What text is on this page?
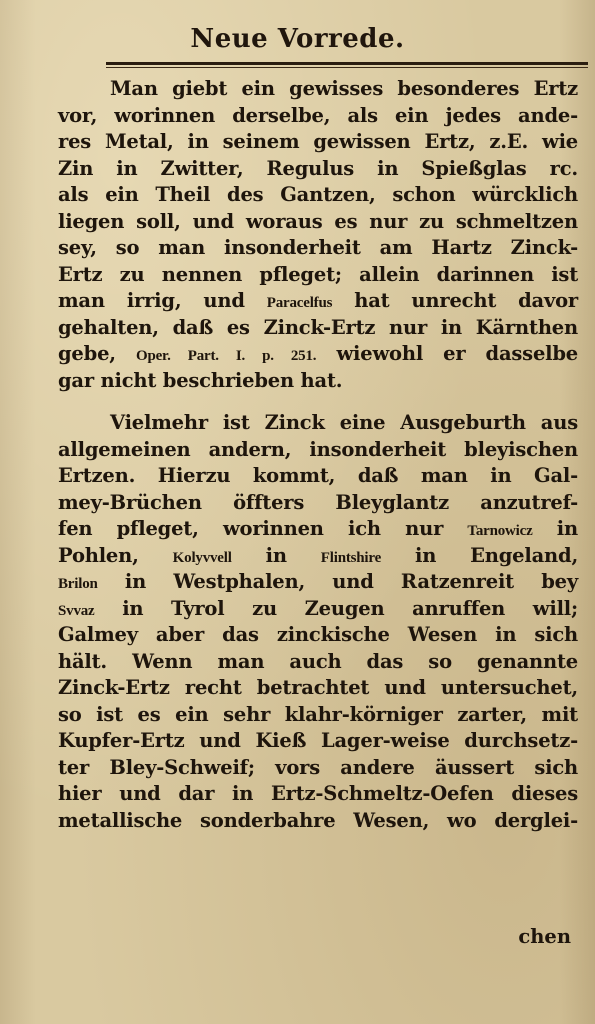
Neue Vorrede.
Man giebt ein gewisses besonderes Ertz
vor, worinnen derselbe, als ein jedes ande-
res Metal, in seinem gewissen Ertz, z.E. wie
Zin in Zwitter, Regulus in Spießglas rc.
als ein Theil des Gantzen, schon würcklich
liegen soll, und woraus es nur zu schmeltzen
sey, so man insonderheit am Hartz Zinck-
Ertz zu nennen pfleget; allein darinnen ist
man irrig, und Paracelfus hat unrecht davor
gehalten, daß es Zinck-Ertz nur in Kärnthen
gebe, Oper. Part. I. p. 251. wiewohl er dasselbe
gar nicht beschrieben hat.
Vielmehr ist Zinck eine Ausgeburth aus
allgemeinen andern, insonderheit bleyischen
Ertzen. Hierzu kommt, daß man in Gal-
mey-Brüchen öffters Bleyglantz anzutref-
fen pfleget, worinnen ich nur Tarnowicz in
Pohlen, Kolyvvell in Flintshire in Engeland,
Brilon in Westphalen, und Ratzenreit bey
Svvaz in Tyrol zu Zeugen anruffen will;
Galmey aber das zinckische Wesen in sich
hält. Wenn man auch das so genannte
Zinck-Ertz recht betrachtet und untersuchet,
so ist es ein sehr klahr-körniger zarter, mit
Kupfer-Ertz und Kieß Lager-weise durchsetz-
ter Bley-Schweif; vors andere äussert sich
hier und dar in Ertz-Schmeltz-Oefen dieses
metallische sonderbahre Wesen, wo derglei-
chen
